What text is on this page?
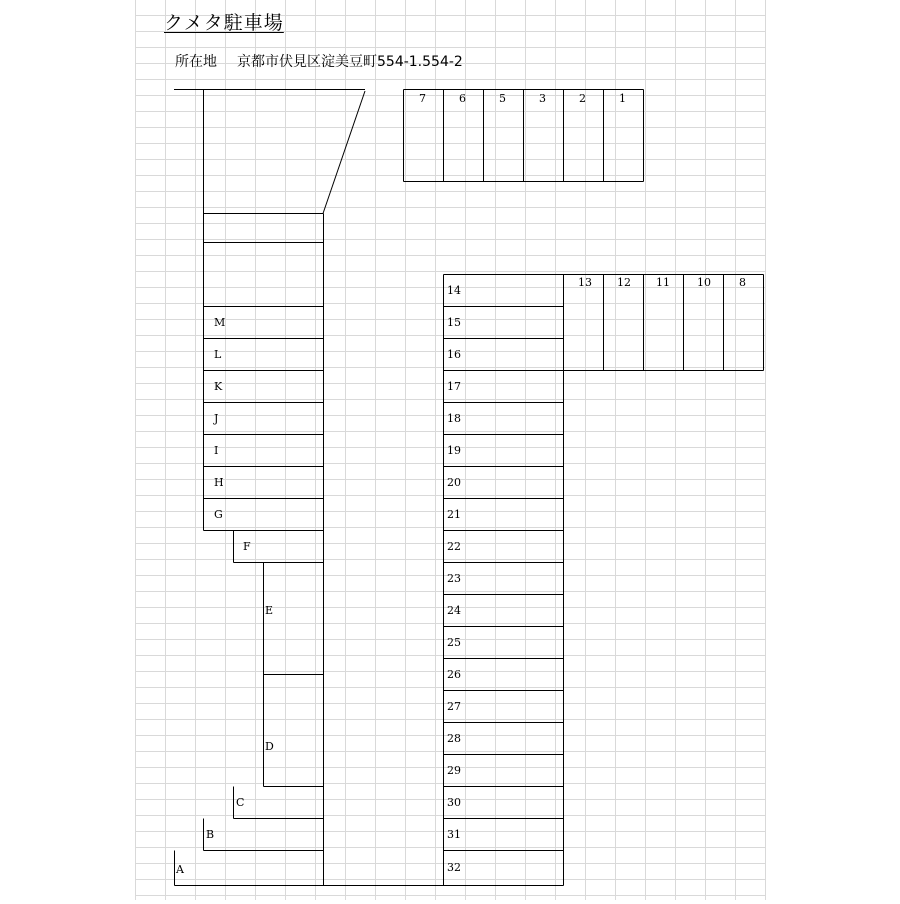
クメタ駐車場
所在地 京都市伏見区淀美豆町554-1.554-2
7	6	5	3	2	1
13 12 11 10	8
14
15
16
17
18
19
20
21
22
23
24
25
26
27
28
29
30
31
32
M
L
K
J
I
H
G
F
E
D
C
B
A
